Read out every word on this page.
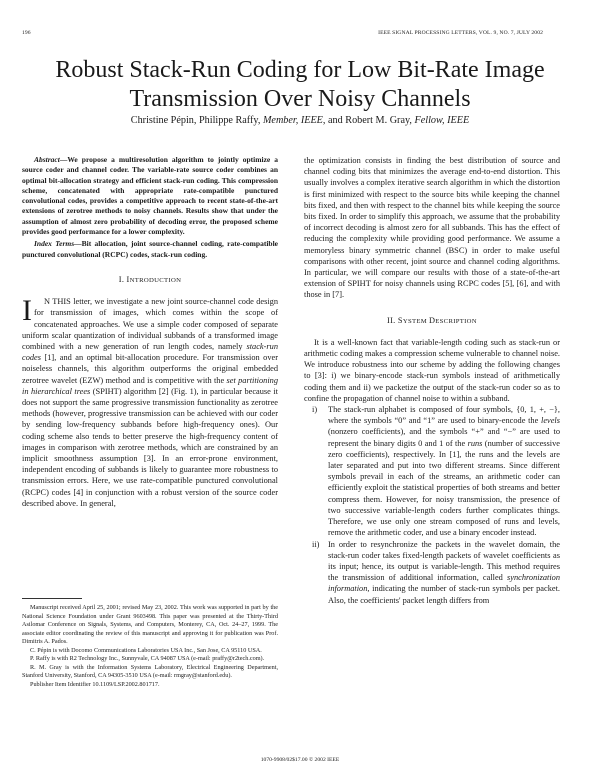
196	IEEE SIGNAL PROCESSING LETTERS, VOL. 9, NO. 7, JULY 2002
Robust Stack-Run Coding for Low Bit-Rate Image
Transmission Over Noisy Channels
Christine Pépin, Philippe Raffy, Member, IEEE, and Robert M. Gray, Fellow, IEEE

Abstract—We propose a multiresolution algorithm to jointly optimize a source coder and channel coder. The variable-rate source coder combines an optimal bit-allocation strategy and efficient stack-run coding. This compression scheme, concatenated with appropriate rate-compatible punctured convolutional codes, provides a competitive approach to recent state-of-the-art extensions of zerotree methods to noisy channels. Results show that under the assumption of almost zero probability of decoding error, the proposed scheme provides good performance for a lower complexity.

Index Terms—Bit allocation, joint source-channel coding, rate-compatible punctured convolutional (RCPC) codes, stack-run coding.

I. INTRODUCTION

I N THIS letter, we investigate a new joint source-channel code design for transmission of images, which comes within the scope of concatenated approaches. We use a simple coder composed of separate uniform scalar quantization of individual subbands of a transformed image combined with a new generation of run length codes, namely stack-run codes [1], and an optimal bit-allocation procedure. For transmission over noiseless channels, this algorithm outperforms the original embedded zerotree wavelet (EZW) method and is competitive with the set partitioning in hierarchical trees (SPIHT) algorithm [2] (Fig. 1), in particular because it does not support the same progressive transmission functionality as zerotree methods (however, progressive transmission can be achieved with our coder by sending low-frequency subbands before high-frequency ones). Our coding scheme also tends to better preserve the high-frequency content of images in comparison with zerotree methods, which are constrained by an implicit smoothness assumption [3]. In an error-prone environment, independent encoding of subbands is likely to guarantee more robustness to transmission errors. Here, we use rate-compatible punctured convolutional (RCPC) codes [4] in conjunction with a robust version of the source coder described above. In general,

Manuscript received April 25, 2001; revised May 23, 2002. This work was supported in part by the National Science Foundation under Grant 9603498. This paper was presented at the Thirty-Third Asilomar Conference on Signals, Systems, and Computers, Monterey, CA, Oct. 24–27, 1999. The associate editor coordinating the review of this manuscript and approving it for publication was Prof. Dimitris A. Pados.

C. Pépin is with Docomo Communications Laboratories USA Inc., San Jose, CA 95110 USA.

P. Raffy is with R2 Technology Inc., Sunnyvale, CA 94087 USA (e-mail: praffy@r2tech.com).

R. M. Gray is with the Information Systems Laboratory, Electrical Engineering Department, Stanford University, Stanford, CA 94305-3510 USA (e-mail: rmgray@stanford.edu).

Publisher Item Identifier 10.1109/LSP.2002.801717.

the optimization consists in finding the best distribution of source and channel coding bits that minimizes the average end-to-end distortion. This usually involves a complex iterative search algorithm in which the distortion is first minimized with respect to the source bits while keeping the channel bits fixed, and then with respect to the channel bits while keeping the source bits fixed. In order to simplify this approach, we assume that the probability of incorrect decoding is almost zero for all subbands. This has the effect of reducing the complexity while providing good performance. We assume a memoryless binary symmetric channel (BSC) in order to make useful comparisons with other recent, joint source and channel coding algorithms. In particular, we will compare our results with those of a state-of-the-art extension of SPIHT for noisy channels using RCPC codes [5], [6], and with those in [7].

II. SYSTEM DESCRIPTION

It is a well-known fact that variable-length coding such as stack-run or arithmetic coding makes a compression scheme vulnerable to channel noise. We introduce robustness into our scheme by adding the following changes to [3]: i) we binary-encode stack-run symbols instead of arithmetically coding them and ii) we packetize the output of the stack-run coder so as to confine the propagation of channel noise to within a subband.

i) The stack-run alphabet is composed of four symbols, {0, 1, +, −}, where the symbols “0” and “1” are used to binary-encode the levels (nonzero coefficients), and the symbols “+” and “−” are used to represent the binary digits 0 and 1 of the runs (number of successive zero coefficients), respectively. In [1], the runs and the levels are later separated and put into two different streams. Since different symbols prevail in each of the streams, an arithmetic coder can efficiently exploit the statistical properties of both streams and better compress them. However, for noisy transmission, the presence of two successive variable-length coders further complicates things. Therefore, we use only one stream composed of runs and levels, remove the arithmetic coder, and use a binary encoder instead.

ii) In order to resynchronize the packets in the wavelet domain, the stack-run coder takes fixed-length packets of wavelet coefficients as its input; hence, its output is variable-length. This method requires the transmission of additional information, called synchronization information, indicating the number of stack-run symbols per packet. Also, the coefficients' packet length differs from

1070-9908/02$17.00 © 2002 IEEE
